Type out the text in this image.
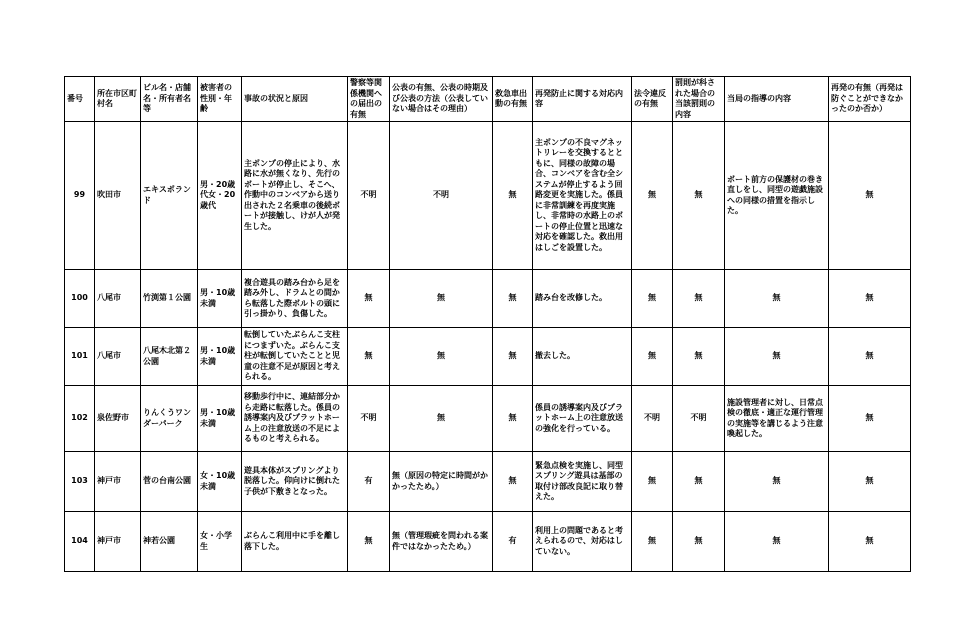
番号	所在市区町村名	ビル名・店舗名・所有者名等	被害者の性別・年齢	事故の状況と原因	警察等関係機関への届出の有無	公表の有無、公表の時期及び公表の方法（公表していない場合はその理由）	救急車出動の有無	再発防止に関する対応内容	法令違反の有無	罰則が科された場合の当該罰則の内容	当局の指導の内容	再発の有無（再発は防ぐことができなかったのか否か）
99	吹田市	エキスポランド	男・20歳代女・20歳代	主ポンプの停止により、水路に水が無くなり、先行のボートが停止し、そこへ、作動中のコンベアから送り出された２名乗車の後続ボートが接触し、けが人が発生した。	不明	不明	無	主ポンプの不良マグネットリレーを交換するとともに、同様の故障の場合、コンベアを含む全システムが停止するよう回路変更を実施した。係員に非常訓練を再度実施し、非常時の水路上のボートの停止位置と迅速な対応を確認した。救出用はしごを設置した。	無	無	ボート前方の保護材の巻き直しをし、同型の遊戯施設への同様の措置を指示した。	無
100	八尾市	竹渕第１公園	男・10歳未満	複合遊具の踏み台から足を踏み外し、ドラムとの間から転落した際ボルトの頭に引っ掛かり、負傷した。	無	無	無	踏み台を改修した。	無	無	無	無
101	八尾市	八尾木北第２公園	男・10歳未満	転倒していたぶらんこ支柱につまずいた。ぶらんこ支柱が転倒していたことと児童の注意不足が原因と考えられる。	無	無	無	撤去した。	無	無	無	無
102	泉佐野市	りんくうワンダーパーク	男・10歳未満	移動歩行中に、連結部分から走路に転落した。係員の誘導案内及びプラットホーム上の注意放送の不足によるものと考えられる。	不明	無	無	係員の誘導案内及びプラットホーム上の注意放送の強化を行っている。	不明	不明	施設管理者に対し、日常点検の徹底・適正な運行管理の実施等を講じるよう注意喚起した。	無
103	神戸市	菅の台南公園	女・10歳未満	遊具本体がスプリングより脱落した。仰向けに倒れた子供が下敷きとなった。	有	無（原因の特定に時間がかかったため。）	無	緊急点検を実施し、同型スプリング遊具は基部の取付け部改良記に取り替えた。	無	無	無	無
104	神戸市	神若公園	女・小学生	ぶらんこ利用中に手を離し落下した。	無	無（管理瑕疵を問われる案件ではなかったため。）	有	利用上の問題であると考えられるので、対応はしていない。	無	無	無	無
